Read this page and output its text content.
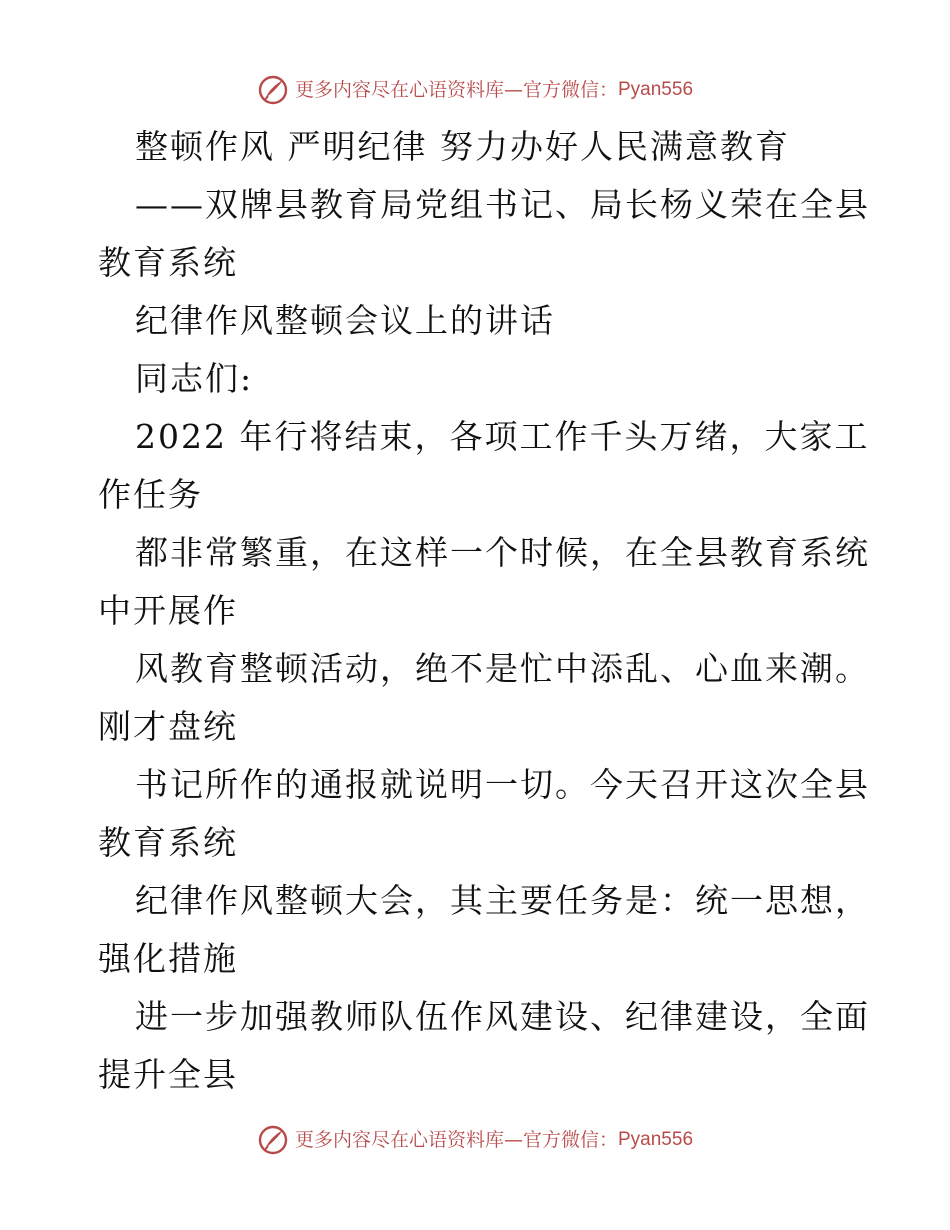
更多内容尽在心语资料库 — 官方微信： Pyan556
整顿作风 严明纪律 努力办好人民满意教育
——双牌县教育局党组书记、局长杨义荣在全县
教育系统
纪律作风整顿会议上的讲话
同志们:
2022 年行将结束，各项工作千头万绪，大家工
作任务
都非常繁重，在这样一个时候，在全县教育系统
中开展作
风教育整顿活动，绝不是忙中添乱、心血来潮。
刚才盘统
书记所作的通报就说明一切。今天召开这次全县
教育系统
纪律作风整顿大会，其主要任务是：统一思想，
强化措施
进一步加强教师队伍作风建设、纪律建设，全面
提升全县
更多内容尽在心语资料库 — 官方微信： Pyan556
